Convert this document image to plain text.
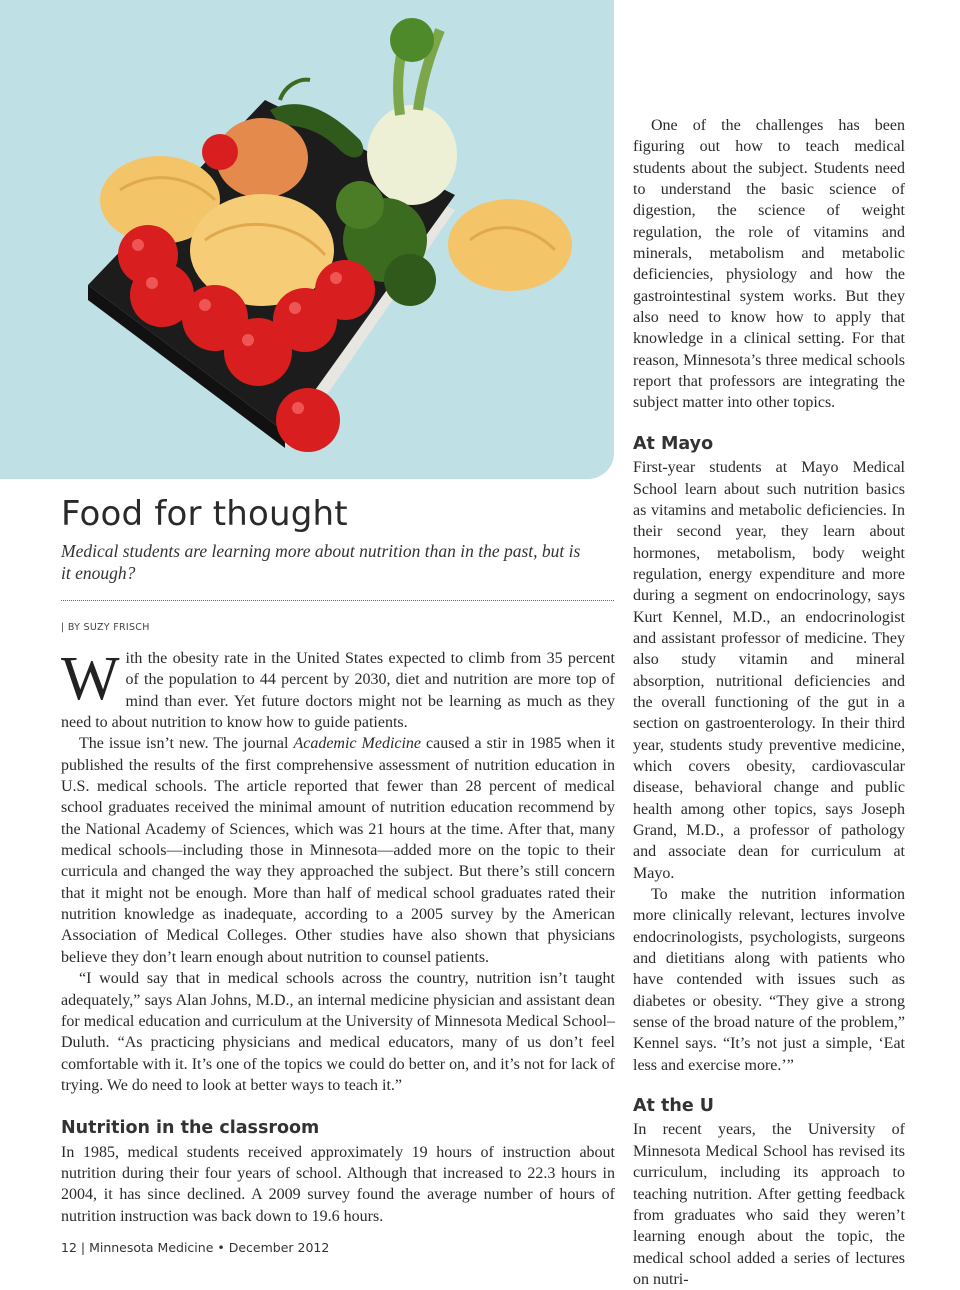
Food for thought
Medical students are learning more about nutrition than in the past, but is it enough?
| BY SUZY FRISCH

With the obesity rate in the United States expected to climb from 35 percent of the population to 44 percent by 2030, diet and nutrition are more top of mind than ever. Yet future doctors might not be learning as much as they need to about nutrition to know how to guide patients.

The issue isn’t new. The journal Academic Medicine caused a stir in 1985 when it published the results of the first comprehensive assessment of nutrition education in U.S. medical schools. The article reported that fewer than 28 percent of medical school graduates received the minimal amount of nutrition education recommend by the National Academy of Sciences, which was 21 hours at the time. After that, many medical schools—including those in Minnesota—added more on the topic to their curricula and changed the way they approached the subject. But there’s still concern that it might not be enough. More than half of medical school graduates rated their nutrition knowledge as inadequate, according to a 2005 survey by the American Association of Medical Colleges. Other studies have also shown that physicians believe they don’t learn enough about nutrition to counsel patients.

“I would say that in medical schools across the country, nutrition isn’t taught adequately,” says Alan Johns, M.D., an internal medicine physician and assistant dean for medical education and curriculum at the University of Minnesota Medical School–Duluth. “As practicing physicians and medical educators, many of us don’t feel comfortable with it. It’s one of the topics we could do better on, and it’s not for lack of trying. We do need to look at better ways to teach it.”

Nutrition in the classroom

In 1985, medical students received approximately 19 hours of instruction about nutrition during their four years of school. Although that increased to 22.3 hours in 2004, it has since declined. A 2009 survey found the average number of hours of nutrition instruction was back down to 19.6 hours.

One of the challenges has been figuring out how to teach medical students about the subject. Students need to understand the basic science of digestion, the science of weight regulation, the role of vitamins and minerals, metabolism and metabolic deficiencies, physiology and how the gastrointestinal system works. But they also need to know how to apply that knowledge in a clinical setting. For that reason, Minnesota’s three medical schools report that professors are integrating the subject matter into other topics.

At Mayo

First-year students at Mayo Medical School learn about such nutrition basics as vitamins and metabolic deficiencies. In their second year, they learn about hormones, metabolism, body weight regulation, energy expenditure and more during a segment on endocrinology, says Kurt Kennel, M.D., an endocrinologist and assistant professor of medicine. They also study vitamin and mineral absorption, nutritional deficiencies and the overall functioning of the gut in a section on gastroenterology. In their third year, students study preventive medicine, which covers obesity, cardiovascular disease, behavioral change and public health among other topics, says Joseph Grand, M.D., a professor of pathology and associate dean for curriculum at Mayo.

To make the nutrition information more clinically relevant, lectures involve endocrinologists, psychologists, surgeons and dietitians along with patients who have contended with issues such as diabetes or obesity. “They give a strong sense of the broad nature of the problem,” Kennel says. “It’s not just a simple, ‘Eat less and exercise more.’”

At the U

In recent years, the University of Minnesota Medical School has revised its curriculum, including its approach to teaching nutrition. After getting feedback from graduates who said they weren’t learning enough about the topic, the medical school added a series of lectures on nutri-

12 | Minnesota Medicine • December 2012
